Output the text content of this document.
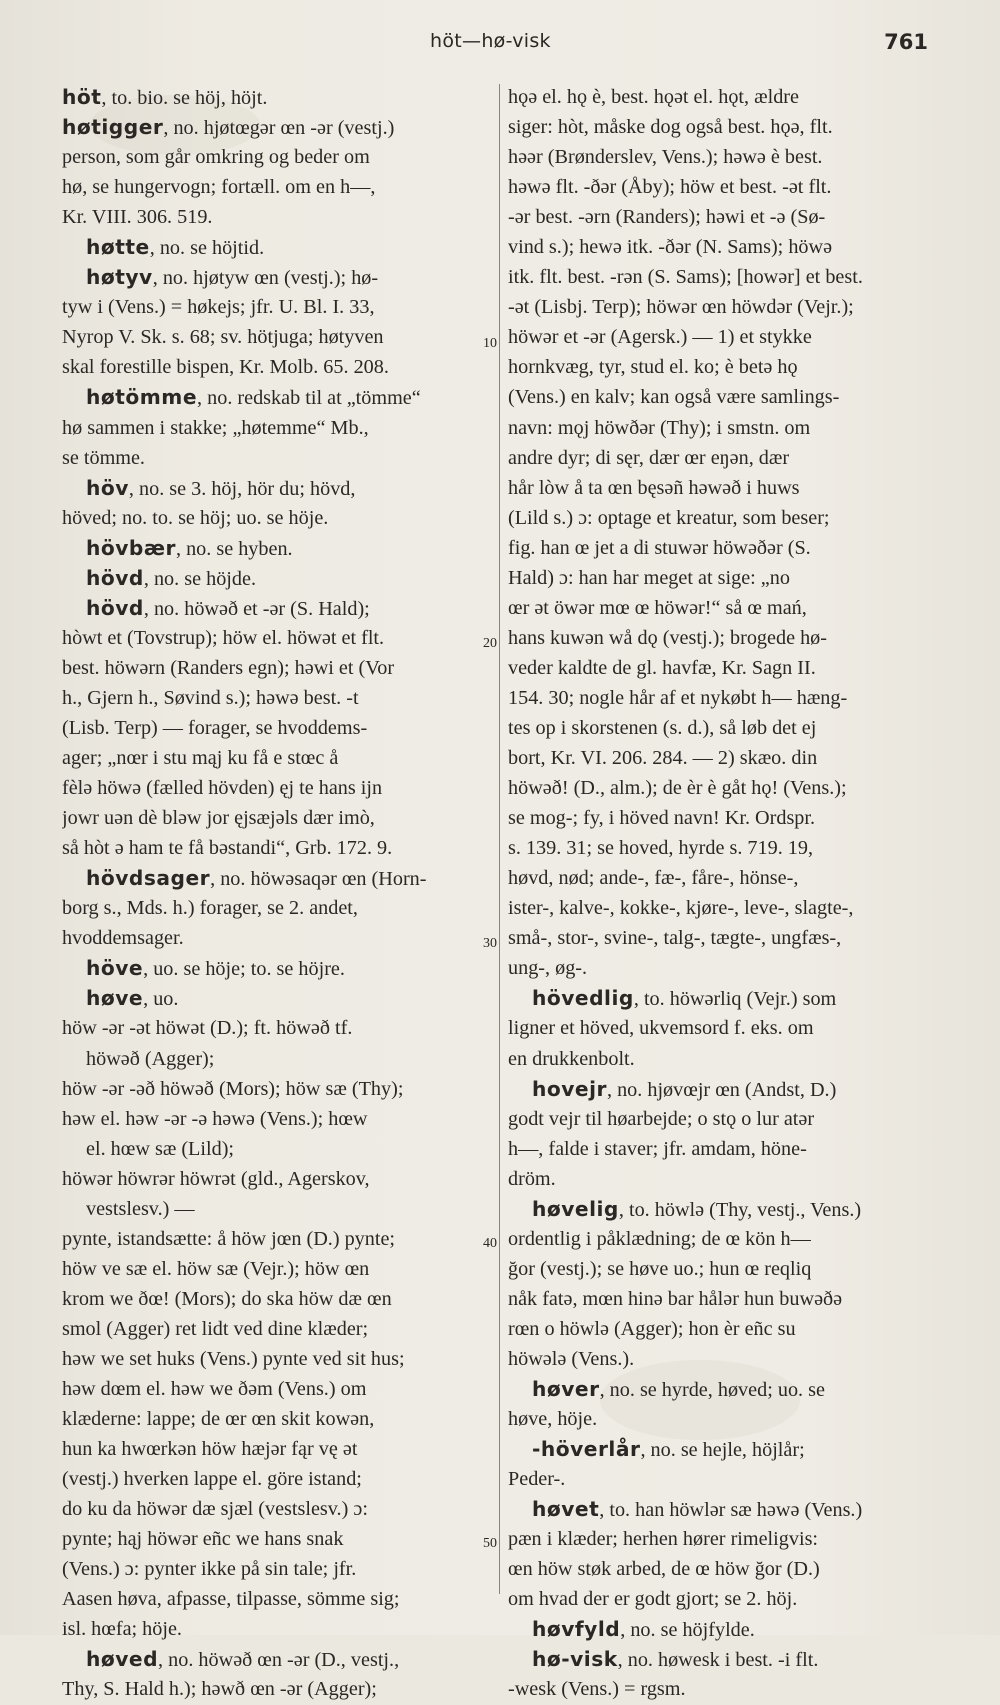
höt—hø-visk	761
höt, to. bio. se höj, höjt.
høtigger, no. hjøtœgər œn -ər (vestj.)
person, som går omkring og beder om
hø, se hungervogn; fortæll. om en h—,
Kr. VIII. 306. 519.
høtte, no. se höjtid.
høtyv, no. hjøtyw œn (vestj.); hø-
tyw i (Vens.) = høkejs; jfr. U. Bl. I. 33,
Nyrop V. Sk. s. 68; sv. hötjuga; høtyven
skal forestille bispen, Kr. Molb. 65. 208.
høtömme, no. redskab til at „tömme“
hø sammen i stakke; „høtemme“ Mb.,
se tömme.
höv, no. se 3. höj, hör du; hövd,
höved; no. to. se höj; uo. se höje.
hövbær, no. se hyben.
hövd, no. se höjde.
hövd, no. höwəð et -ər (S. Hald);
hòwt et (Tovstrup); höw el. höwət et flt.
best. höwərn (Randers egn); həwi et (Vor
h., Gjern h., Søvind s.); həwə best. -t
(Lisb. Terp) — forager, se hvoddems-
ager; „nœr i stu mąj ku få e stœc å
fèlə höwə (fælled hövden) ęj te hans ijn
jowr uən dè bləw jor ęjsæjəls dær imò,
så hòt ə ham te få bəstandi“, Grb. 172. 9.
hövdsager, no. höwəsaqər œn (Horn-
borg s., Mds. h.) forager, se 2. andet,
hvoddemsager.
höve, uo. se höje; to. se höjre.
høve, uo.
höw -ər -ət höwət (D.); ft. höwəð tf.
höwəð (Agger);
höw -ər -əð höwəð (Mors); höw sæ (Thy);
həw el. həw -ər -ə həwə (Vens.); hœw
el. hœw sæ (Lild);
höwər höwrər höwrət (gld., Agerskov,
vestslesv.) —
pynte, istandsætte: å höw jœn (D.) pynte;
höw ve sæ el. höw sæ (Vejr.); höw œn
krom we ðœ! (Mors); do ska höw dæ œn
smol (Agger) ret lidt ved dine klæder;
həw we set huks (Vens.) pynte ved sit hus;
həw dœm el. həw we ðəm (Vens.) om
klæderne: lappe; de œr œn skit kowən,
hun ka hwœrkən höw hæjər fąr vę ət
(vestj.) hverken lappe el. göre istand;
do ku da höwər dæ sjæl (vestslesv.) ɔ:
pynte; hąj höwər eñc we hans snak
(Vens.) ɔ: pynter ikke på sin tale; jfr.
Aasen høva, afpasse, tilpasse, sömme sig;
isl. hœfa; höje.
høved, no. höwəð œn -ər (D., vestj.,
Thy, S. Hald h.); həwð œn -ər (Agger);
hǫə el. hǫ è, best. hǫət el. hǫt, ældre
siger: hòt, måske dog også best. hǫə, flt.
həər (Brønderslev, Vens.); həwə è best.
həwə flt. -ðər (Åby); höw et best. -ət flt.
-ər best. -ərn (Randers); həwi et -ə (Sø-
vind s.); hewə itk. -ðər (N. Sams); höwə
itk. flt. best. -rən (S. Sams); [howər] et best.
-ət (Lisbj. Terp); höwər œn höwdər (Vejr.);
höwər et -ər (Agersk.) — 1) et stykke
hornkvæg, tyr, stud el. ko; è betə hǫ
(Vens.) en kalv; kan også være samlings-
navn: mǫj höwðər (Thy); i smstn. om
andre dyr; di sęr, dær œr eŋən, dær
hår lòw å ta œn bęsəñ həwəð i huws
(Lild s.) ɔ: optage et kreatur, som beser;
fig. han œ jet a di stuwər höwəðər (S.
Hald) ɔ: han har meget at sige: „no
œr ət öwər mœ œ höwər!“ så œ mań,
hans kuwən wå dǫ (vestj.); brogede hø-
veder kaldte de gl. havfæ, Kr. Sagn II.
154. 30; nogle hår af et nykøbt h— hæng-
tes op i skorstenen (s. d.), så løb det ej
bort, Kr. VI. 206. 284. — 2) skæo. din
höwəð! (D., alm.); de èr è gåt hǫ! (Vens.);
se mog-; fy, i höved navn! Kr. Ordspr.
s. 139. 31; se hoved, hyrde s. 719. 19,
høvd, nød; ande-, fæ-, fåre-, hönse-,
ister-, kalve-, kokke-, kjøre-, leve-, slagte-,
små-, stor-, svine-, talg-, tægte-, ungfæs-,
ung-, øg-.
hövedlig, to. höwərliq (Vejr.) som
ligner et höved, ukvemsord f. eks. om
en drukkenbolt.
hovejr, no. hjøvœjr œn (Andst, D.)
godt vejr til høarbejde; o stǫ o lur atər
h—, falde i staver; jfr. amdam, höne-
dröm.
høvelig, to. höwlə (Thy, vestj., Vens.)
ordentlig i påklædning; de œ kön h—
ğor (vestj.); se høve uo.; hun œ reqliq
nåk fatə, mœn hinə bar hålər hun buwəðə
rœn o höwlə (Agger); hon èr eñc su
höwələ (Vens.).
høver, no. se hyrde, høved; uo. se
høve, höje.
-höverlår, no. se hejle, höjlår;
Peder-.
høvet, to. han höwlər sæ həwə (Vens.)
pæn i klæder; herhen hører rimeligvis:
œn höw støk arbed, de œ höw ğor (D.)
om hvad der er godt gjort; se 2. höj.
høvfyld, no. se höjfylde.
hø-visk, no. høwesk i best. -i flt.
-wesk (Vens.) = rgsm.
10
20
30
40
50
